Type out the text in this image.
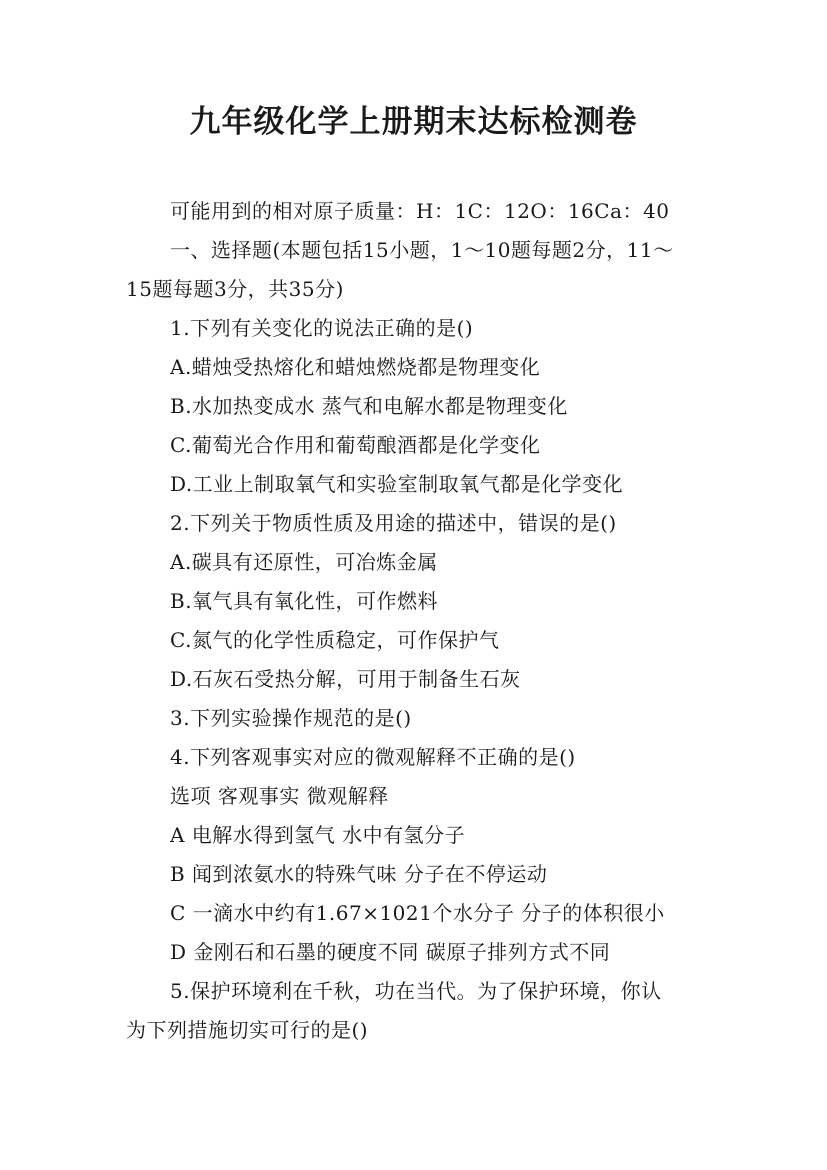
九年级化学上册期末达标检测卷
可能用到的相对原子质量：H：1C：12O：16Ca：40
一、选择题(本题包括15小题，1～10题每题2分，11～
15题每题3分，共35分)
1.下列有关变化的说法正确的是()
A.蜡烛受热熔化和蜡烛燃烧都是物理变化
B.水加热变成水 蒸气和电解水都是物理变化
C.葡萄光合作用和葡萄酿酒都是化学变化
D.工业上制取氧气和实验室制取氧气都是化学变化
2.下列关于物质性质及用途的描述中，错误的是()
A.碳具有还原性，可冶炼金属
B.氧气具有氧化性，可作燃料
C.氮气的化学性质稳定，可作保护气
D.石灰石受热分解，可用于制备生石灰
3.下列实验操作规范的是()
4.下列客观事实对应的微观解释不正确的是()
选项 客观事实 微观解释
A 电解水得到氢气 水中有氢分子
B 闻到浓氨水的特殊气味 分子在不停运动
C 一滴水中约有1.67×1021个水分子 分子的体积很小
D 金刚石和石墨的硬度不同 碳原子排列方式不同
5.保护环境利在千秋，功在当代。为了保护环境，你认
为下列措施切实可行的是()
